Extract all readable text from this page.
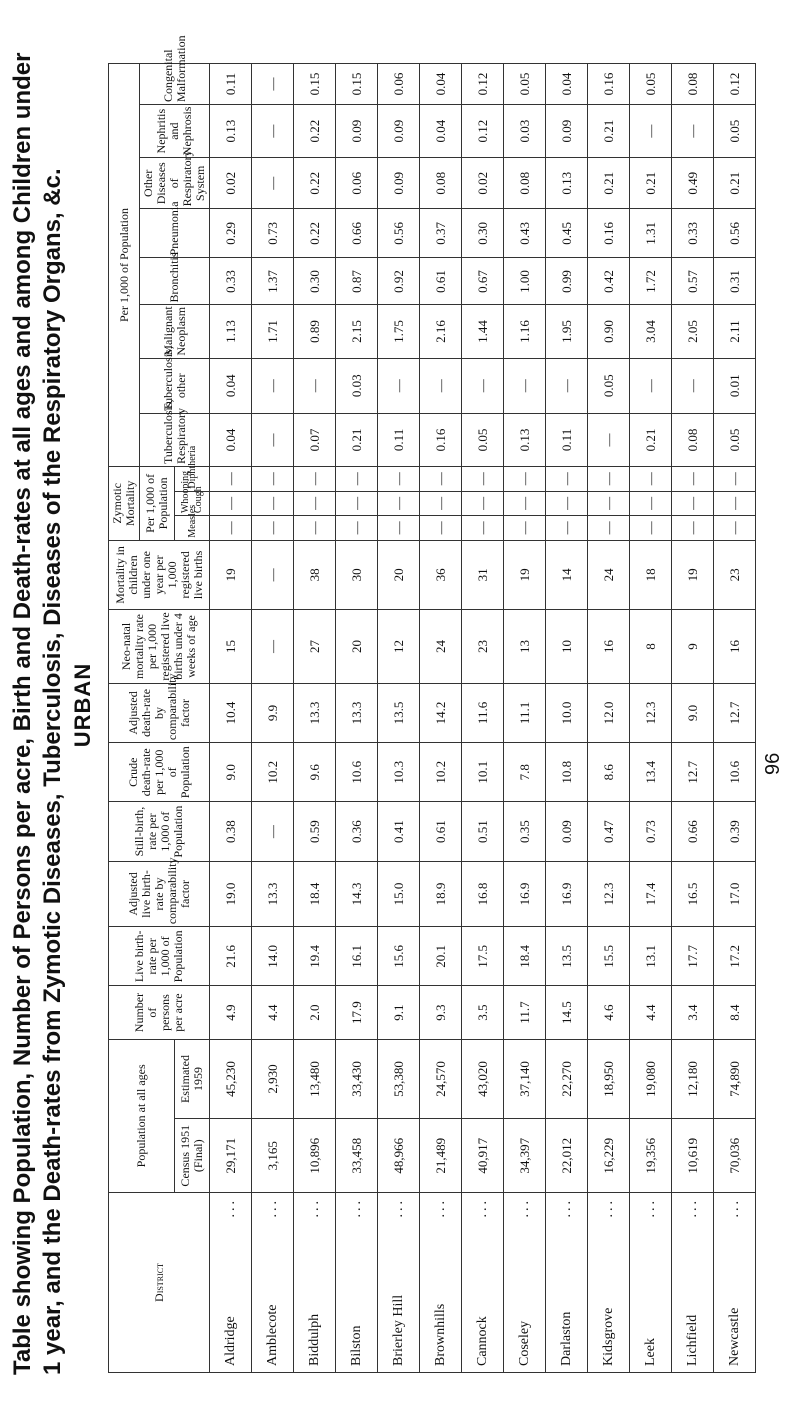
Table showing Population, Number of Persons per acre, Birth and Death-rates at all ages and among Children under 1 year, and the Death-rates from Zymotic Diseases, Tuberculosis, Diseases of the Respiratory Organs, &c. URBAN
District	Population at all ages		Number of persons per acre	Live birth-rate per 1,000 of Population	Adjusted live birth-rate by comparability factor	Still-birth, rate per 1,000 of Population	Crude death-rate per 1,000 of Population	Adjusted death-rate by comparability factor	Neo-natal mortality rate per 1,000 registered live births under 4 weeks of age	Mortality in children under one year per 1,000 registered live births	Zymotic Mortality			Per 1,000 of Population							
											Per 1,000 of Population			Tuberculosis, Respiratory	Tuberculosis, other	Malignant Neoplasm	Bronchitis	Pneumonia	Other Diseases of Respiratory System	Nephritis and Nephrosis	Congenital Malformation
	Census 1951 (Final)	Estimated 1959									Measles	Whooping Cough	Diphtheria								

...
Aldridge	29,171	45,230	4.9	21.6	19.0	0.38	9.0	10.4	15	19	—	—	—	0.04	0.04	1.13	0.33	0.29	0.02	0.13	0.11

...
Amblecote	3,165	2,930	4.4	14.0	13.3	—	10.2	9.9	—	—	—	—	—	—	—	1.71	1.37	0.73	—	—	—

...
Biddulph	10,896	13,480	2.0	19.4	18.4	0.59	9.6	13.3	27	38	—	—	—	0.07	—	0.89	0.30	0.22	0.22	0.22	0.15

...
Bilston	33,458	33,430	17.9	16.1	14.3	0.36	10.6	13.3	20	30	—	—	—	0.21	0.03	2.15	0.87	0.66	0.06	0.09	0.15

...
Brierley Hill	48,966	53,380	9.1	15.6	15.0	0.41	10.3	13.5	12	20	—	—	—	0.11	—	1.75	0.92	0.56	0.09	0.09	0.06

...
Brownhills	21,489	24,570	9.3	20.1	18.9	0.61	10.2	14.2	24	36	—	—	—	0.16	—	2.16	0.61	0.37	0.08	0.04	0.04

...
Cannock	40,917	43,020	3.5	17.5	16.8	0.51	10.1	11.6	23	31	—	—	—	0.05	—	1.44	0.67	0.30	0.02	0.12	0.12

...
Coseley	34,397	37,140	11.7	18.4	16.9	0.35	7.8	11.1	13	19	—	—	—	0.13	—	1.16	1.00	0.43	0.08	0.03	0.05

...
Darlaston	22,012	22,270	14.5	13.5	16.9	0.09	10.8	10.0	10	14	—	—	—	0.11	—	1.95	0.99	0.45	0.13	0.09	0.04

...
Kidsgrove	16,229	18,950	4.6	15.5	12.3	0.47	8.6	12.0	16	24	—	—	—	—	0.05	0.90	0.42	0.16	0.21	0.21	0.16

...
Leek	19,356	19,080	4.4	13.1	17.4	0.73	13.4	12.3	8	18	—	—	—	0.21	—	3.04	1.72	1.31	0.21	—	0.05

...
Lichfield	10,619	12,180	3.4	17.7	16.5	0.66	12.7	9.0	9	19	—	—	—	0.08	—	2.05	0.57	0.33	0.49	—	0.08

...
Newcastle	70,036	74,890	8.4	17.2	17.0	0.39	10.6	12.7	16	23	—	—	—	0.05	0.01	2.11	0.31	0.56	0.21	0.05	0.12
96
